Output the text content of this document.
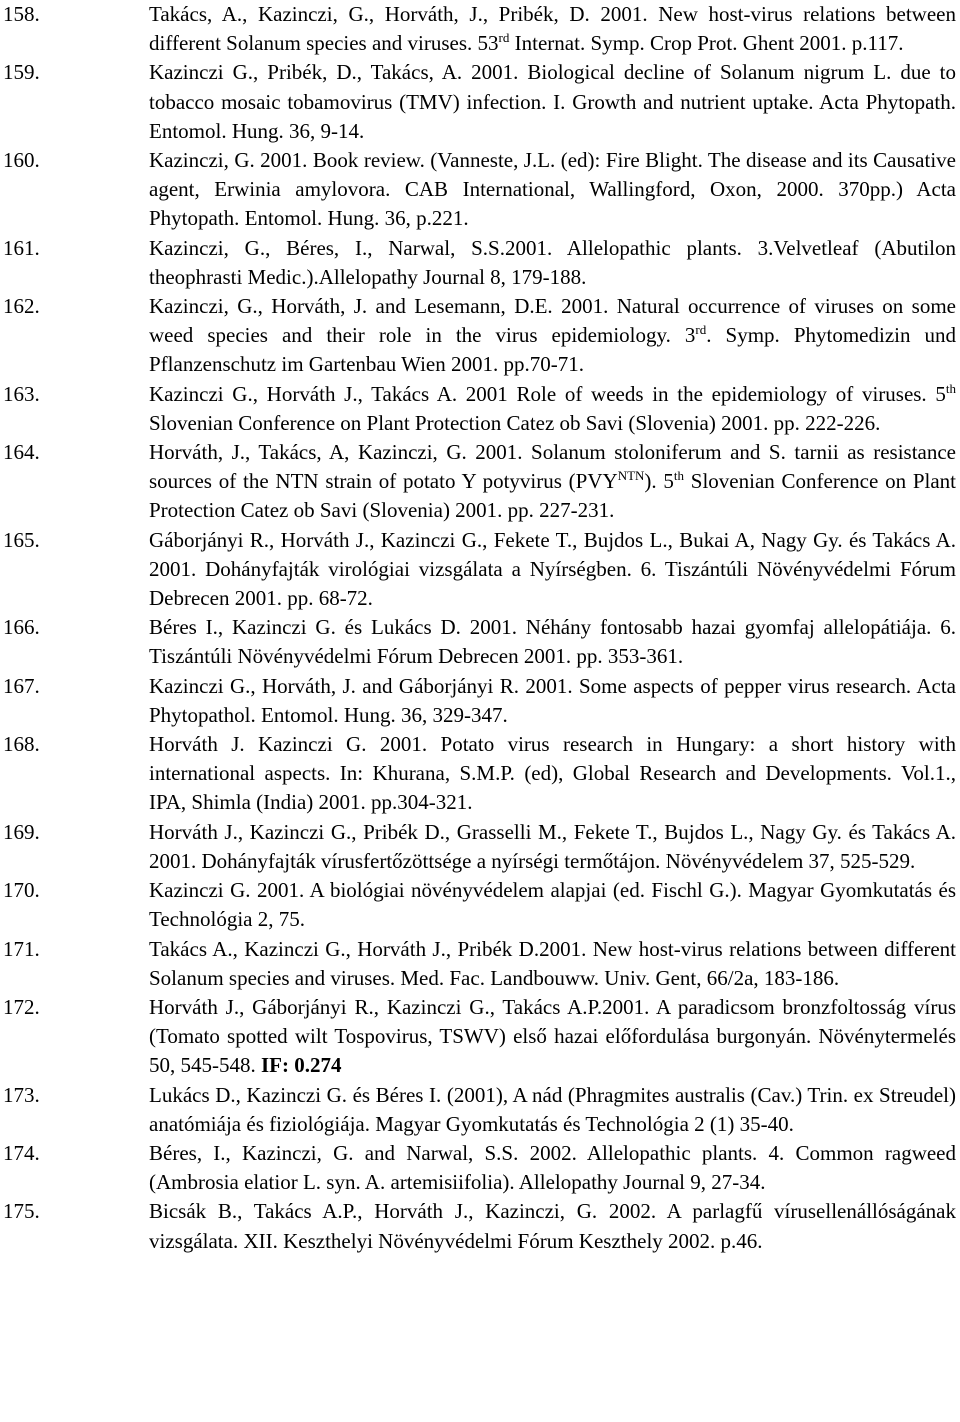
158.	Takács, A., Kazinczi, G., Horváth, J., Pribék, D. 2001. New host-virus relations between different Solanum species and viruses. 53rd Internat. Symp. Crop Prot. Ghent 2001. p.117.
159.	Kazinczi G., Pribék, D., Takács, A. 2001. Biological decline of Solanum nigrum L. due to tobacco mosaic tobamovirus (TMV) infection. I. Growth and nutrient uptake. Acta Phytopath. Entomol. Hung. 36, 9-14.
160.	Kazinczi, G. 2001. Book review. (Vanneste, J.L. (ed): Fire Blight. The disease and its Causative agent, Erwinia amylovora. CAB International, Wallingford, Oxon, 2000. 370pp.) Acta Phytopath. Entomol. Hung. 36, p.221.
161.	Kazinczi, G., Béres, I., Narwal, S.S.2001. Allelopathic plants. 3.Velvetleaf (Abutilon theophrasti Medic.).Allelopathy Journal 8, 179-188.
162.	Kazinczi, G., Horváth, J. and Lesemann, D.E. 2001. Natural occurrence of viruses on some weed species and their role in the virus epidemiology. 3rd. Symp. Phytomedizin und Pflanzenschutz im Gartenbau Wien 2001. pp.70-71.
163.	Kazinczi G., Horváth J., Takács A. 2001 Role of weeds in the epidemiology of viruses. 5th Slovenian Conference on Plant Protection Catez ob Savi (Slovenia) 2001. pp. 222-226.
164.	Horváth, J., Takács, A, Kazinczi, G. 2001. Solanum stoloniferum and S. tarnii as resistance sources of the NTN strain of potato Y potyvirus $(PVY^{NTN})$. 5th Slovenian Conference on Plant Protection Catez ob Savi (Slovenia) 2001. pp. 227-231.
165.	Gáborjányi R., Horváth J., Kazinczi G., Fekete T., Bujdos L., Bukai A, Nagy Gy. és Takács A. 2001. Dohányfajták virológiai vizsgálata a Nyírségben. 6. Tiszántúli Növényvédelmi Fórum Debrecen 2001. pp. 68-72.
166.	Béres I., Kazinczi G. és Lukács D. 2001. Néhány fontosabb hazai gyomfaj allelopátiája. 6. Tiszántúli Növényvédelmi Fórum Debrecen 2001. pp. 353-361.
167.	Kazinczi G., Horváth, J. and Gáborjányi R. 2001. Some aspects of pepper virus research. Acta Phytopathol. Entomol. Hung. 36, 329-347.
168.	Horváth J. Kazinczi G. 2001. Potato virus research in Hungary: a short history with international aspects. In: Khurana, S.M.P. (ed), Global Research and Developments. Vol.1., IPA, Shimla (India) 2001. pp.304-321.
169.	Horváth J., Kazinczi G., Pribék D., Grasselli M., Fekete T., Bujdos L., Nagy Gy. és Takács A. 2001. Dohányfajták vírusfertőzöttsége a nyírségi termőtájon. Növényvédelem 37, 525-529.
170.	Kazinczi G. 2001. A biológiai növényvédelem alapjai (ed. Fischl G.). Magyar Gyomkutatás és Technológia 2, 75.
171.	Takács A., Kazinczi G., Horváth J., Pribék D.2001. New host-virus relations between different Solanum species and viruses. Med. Fac. Landbouww. Univ. Gent, 66/2a, 183-186.
172.	Horváth J., Gáborjányi R., Kazinczi G., Takács A.P.2001. A paradicsom bronzfoltosság vírus (Tomato spotted wilt Tospovirus, TSWV) első hazai előfordulása burgonyán. Növénytermelés 50, 545-548. IF: 0.274
173.	Lukács D., Kazinczi G. és Béres I. (2001), A nád (Phragmites australis (Cav.) Trin. ex Streudel) anatómiája és fiziológiája. Magyar Gyomkutatás és Technológia 2 (1) 35-40.
174.	Béres, I., Kazinczi, G. and Narwal, S.S. 2002. Allelopathic plants. 4. Common ragweed (Ambrosia elatior L. syn. A. artemisiifolia). Allelopathy Journal 9, 27-34.
175.	Bicsák B., Takács A.P., Horváth J., Kazinczi, G. 2002. A parlagfű vírusellenállóságának vizsgálata. XII. Keszthelyi Növényvédelmi Fórum Keszthely 2002. p.46.
